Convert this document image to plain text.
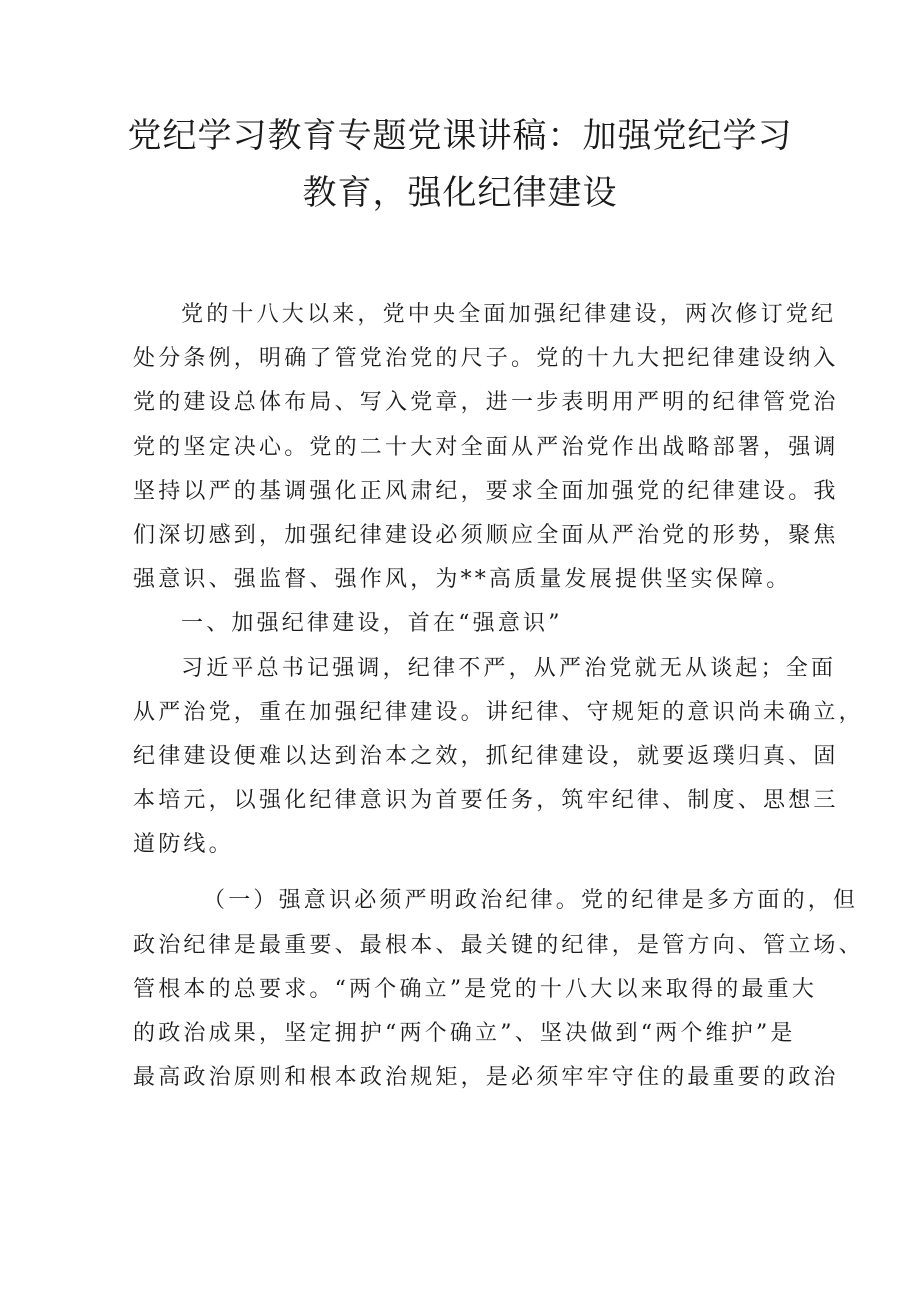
党纪学习教育专题党课讲稿：加强党纪学习
教育，强化纪律建设
党的十八大以来，党中央全面加强纪律建设，两次修订党纪
处分条例，明确了管党治党的尺子。党的十九大把纪律建设纳入
党的建设总体布局、写入党章，进一步表明用严明的纪律管党治
党的坚定决心。党的二十大对全面从严治党作出战略部署，强调
坚持以严的基调强化正风肃纪，要求全面加强党的纪律建设。我
们深切感到，加强纪律建设必须顺应全面从严治党的形势，聚焦
强意识、强监督、强作风，为**高质量发展提供坚实保障。
一、加强纪律建设，首在“强意识”
习近平总书记强调，纪律不严，从严治党就无从谈起；全面
从严治党，重在加强纪律建设。讲纪律、守规矩的意识尚未确立，
纪律建设便难以达到治本之效，抓纪律建设，就要返璞归真、固
本培元，以强化纪律意识为首要任务，筑牢纪律、制度、思想三
道防线。
（一）强意识必须严明政治纪律。党的纪律是多方面的，但
政治纪律是最重要、最根本、最关键的纪律，是管方向、管立场、
管根本的总要求。“两个确立”是党的十八大以来取得的最重大
的政治成果，坚定拥护“两个确立”、坚决做到“两个维护”是
最高政治原则和根本政治规矩，是必须牢牢守住的最重要的政治
